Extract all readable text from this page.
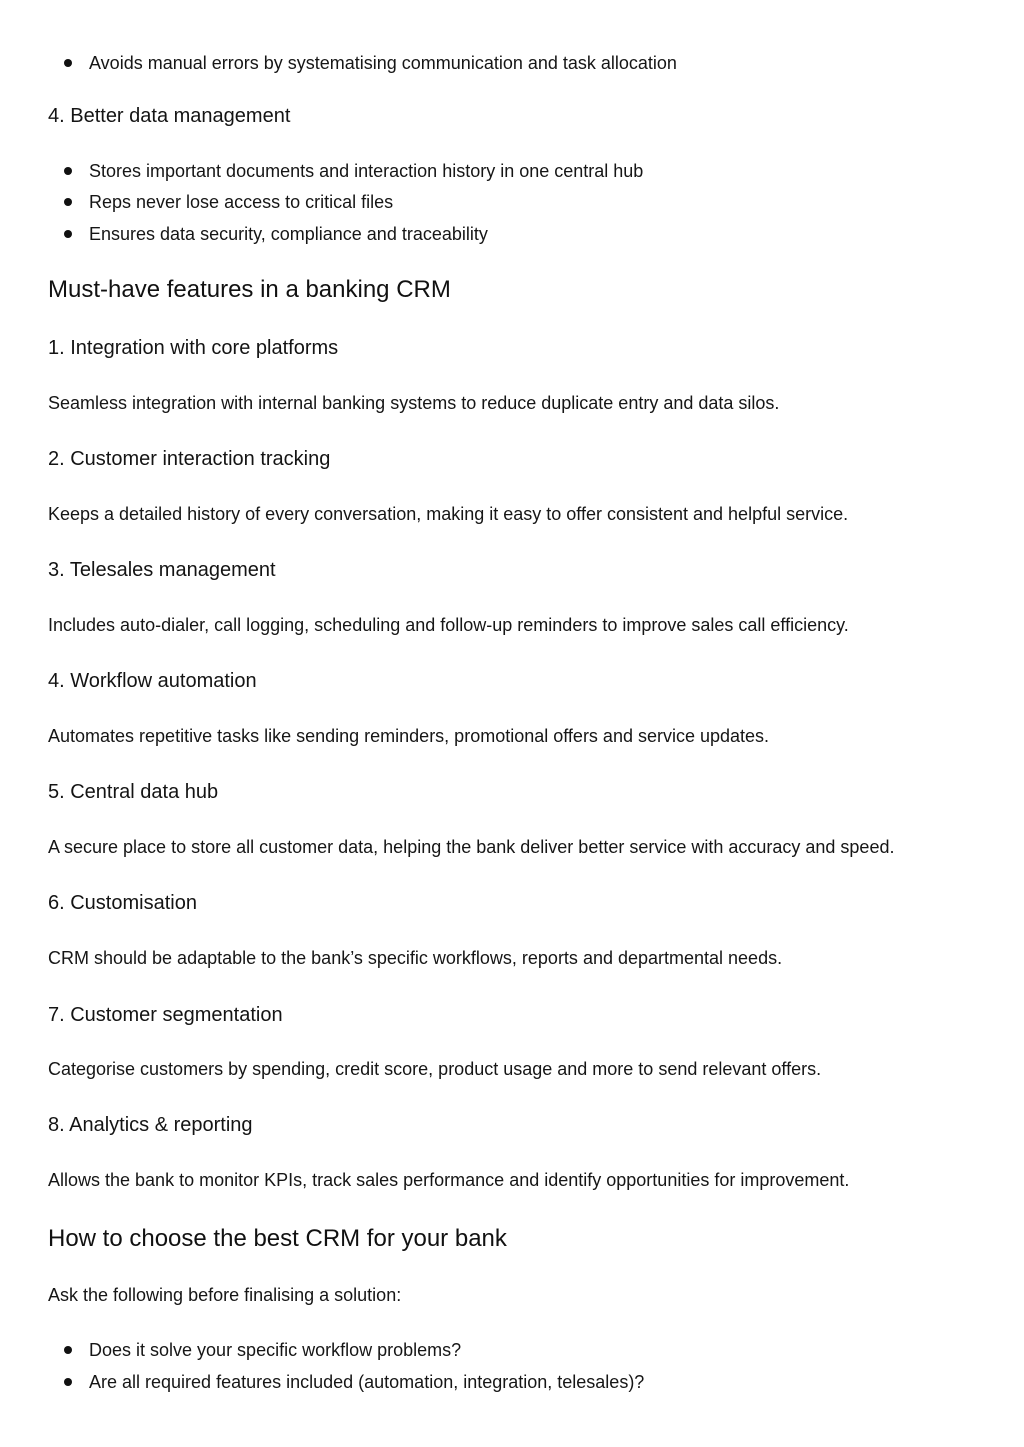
Avoids manual errors by systematising communication and task allocation
4. Better data management
Stores important documents and interaction history in one central hub
Reps never lose access to critical files
Ensures data security, compliance and traceability
Must-have features in a banking CRM
1. Integration with core platforms
Seamless integration with internal banking systems to reduce duplicate entry and data silos.
2. Customer interaction tracking
Keeps a detailed history of every conversation, making it easy to offer consistent and helpful service.
3. Telesales management
Includes auto-dialer, call logging, scheduling and follow-up reminders to improve sales call efficiency.
4. Workflow automation
Automates repetitive tasks like sending reminders, promotional offers and service updates.
5. Central data hub
A secure place to store all customer data, helping the bank deliver better service with accuracy and speed.
6. Customisation
CRM should be adaptable to the bank’s specific workflows, reports and departmental needs.
7. Customer segmentation
Categorise customers by spending, credit score, product usage and more to send relevant offers.
8. Analytics & reporting
Allows the bank to monitor KPIs, track sales performance and identify opportunities for improvement.
How to choose the best CRM for your bank
Ask the following before finalising a solution:
Does it solve your specific workflow problems?
Are all required features included (automation, integration, telesales)?
